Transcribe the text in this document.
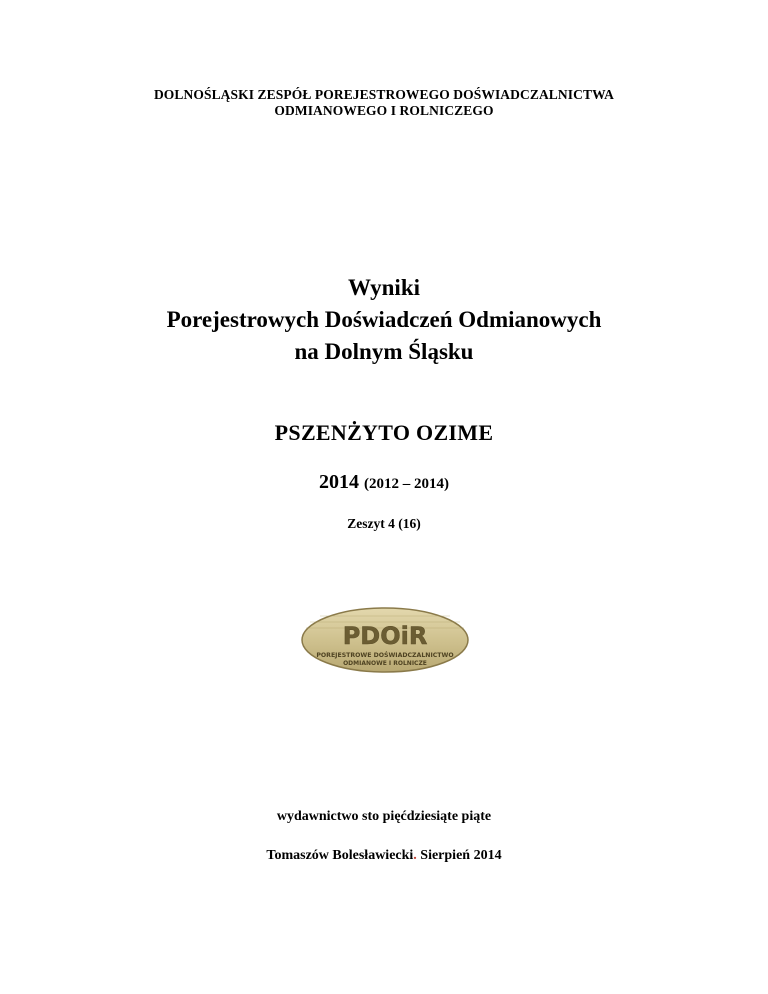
DOLNOŚLĄSKI ZESPÓŁ POREJESTROWEGO DOŚWIADCZALNICTWA
ODMIANOWEGO I ROLNICZEGO
Wyniki
Porejestrowych Doświadczeń Odmianowych
na Dolnym Śląsku
PSZENŻYTO OZIME
2014 (2012 – 2014)
Zeszyt 4 (16)
PDOiR
POREJESTROWE DOŚWIADCZALNICTWO
ODMIANOWE I ROLNICZE
wydawnictwo sto pięćdziesiąte piąte
Tomaszów Bolesławiecki. Sierpień 2014
